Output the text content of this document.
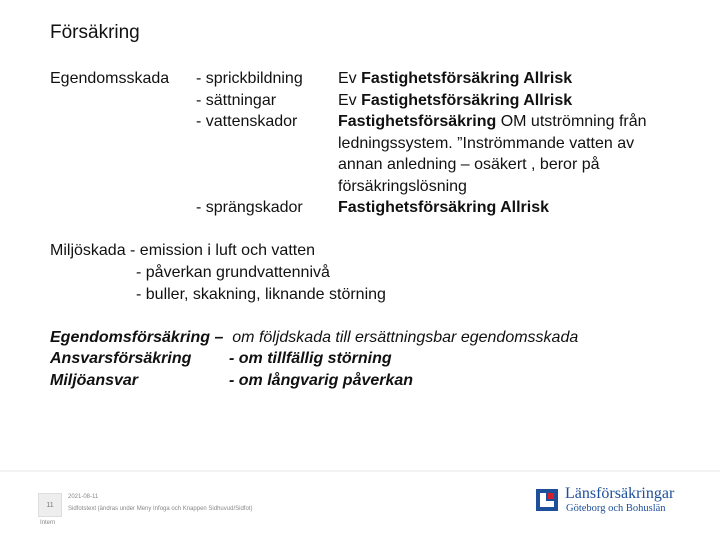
Försäkring
Egendomsskada - sprickbildning
- sättningar
- vattenskador
- sprängskador
Ev Fastighetsförsäkring Allrisk
Ev Fastighetsförsäkring Allrisk
Fastighetsförsäkring OM utströmning från
ledningssystem. ”Inströmmande vatten av
annan anledning – osäkert , beror på
försäkringslösning
Fastighetsförsäkring Allrisk
Miljöskada - emission i luft och vatten
- påverkan grundvattennivå
- buller, skakning, liknande störning
Egendomsförsäkring – om följdskada till ersättningsbar egendomsskada
Ansvarsförsäkring - om tillfällig störning
Miljöansvar	- om långvarig påverkan
11
2021-08-11
Sidfotstext (ändras under Meny Infoga och Knappen Sidhuvud/Sidfot)
Intern
Länsförsäkringar
Göteborg och Bohuslän
